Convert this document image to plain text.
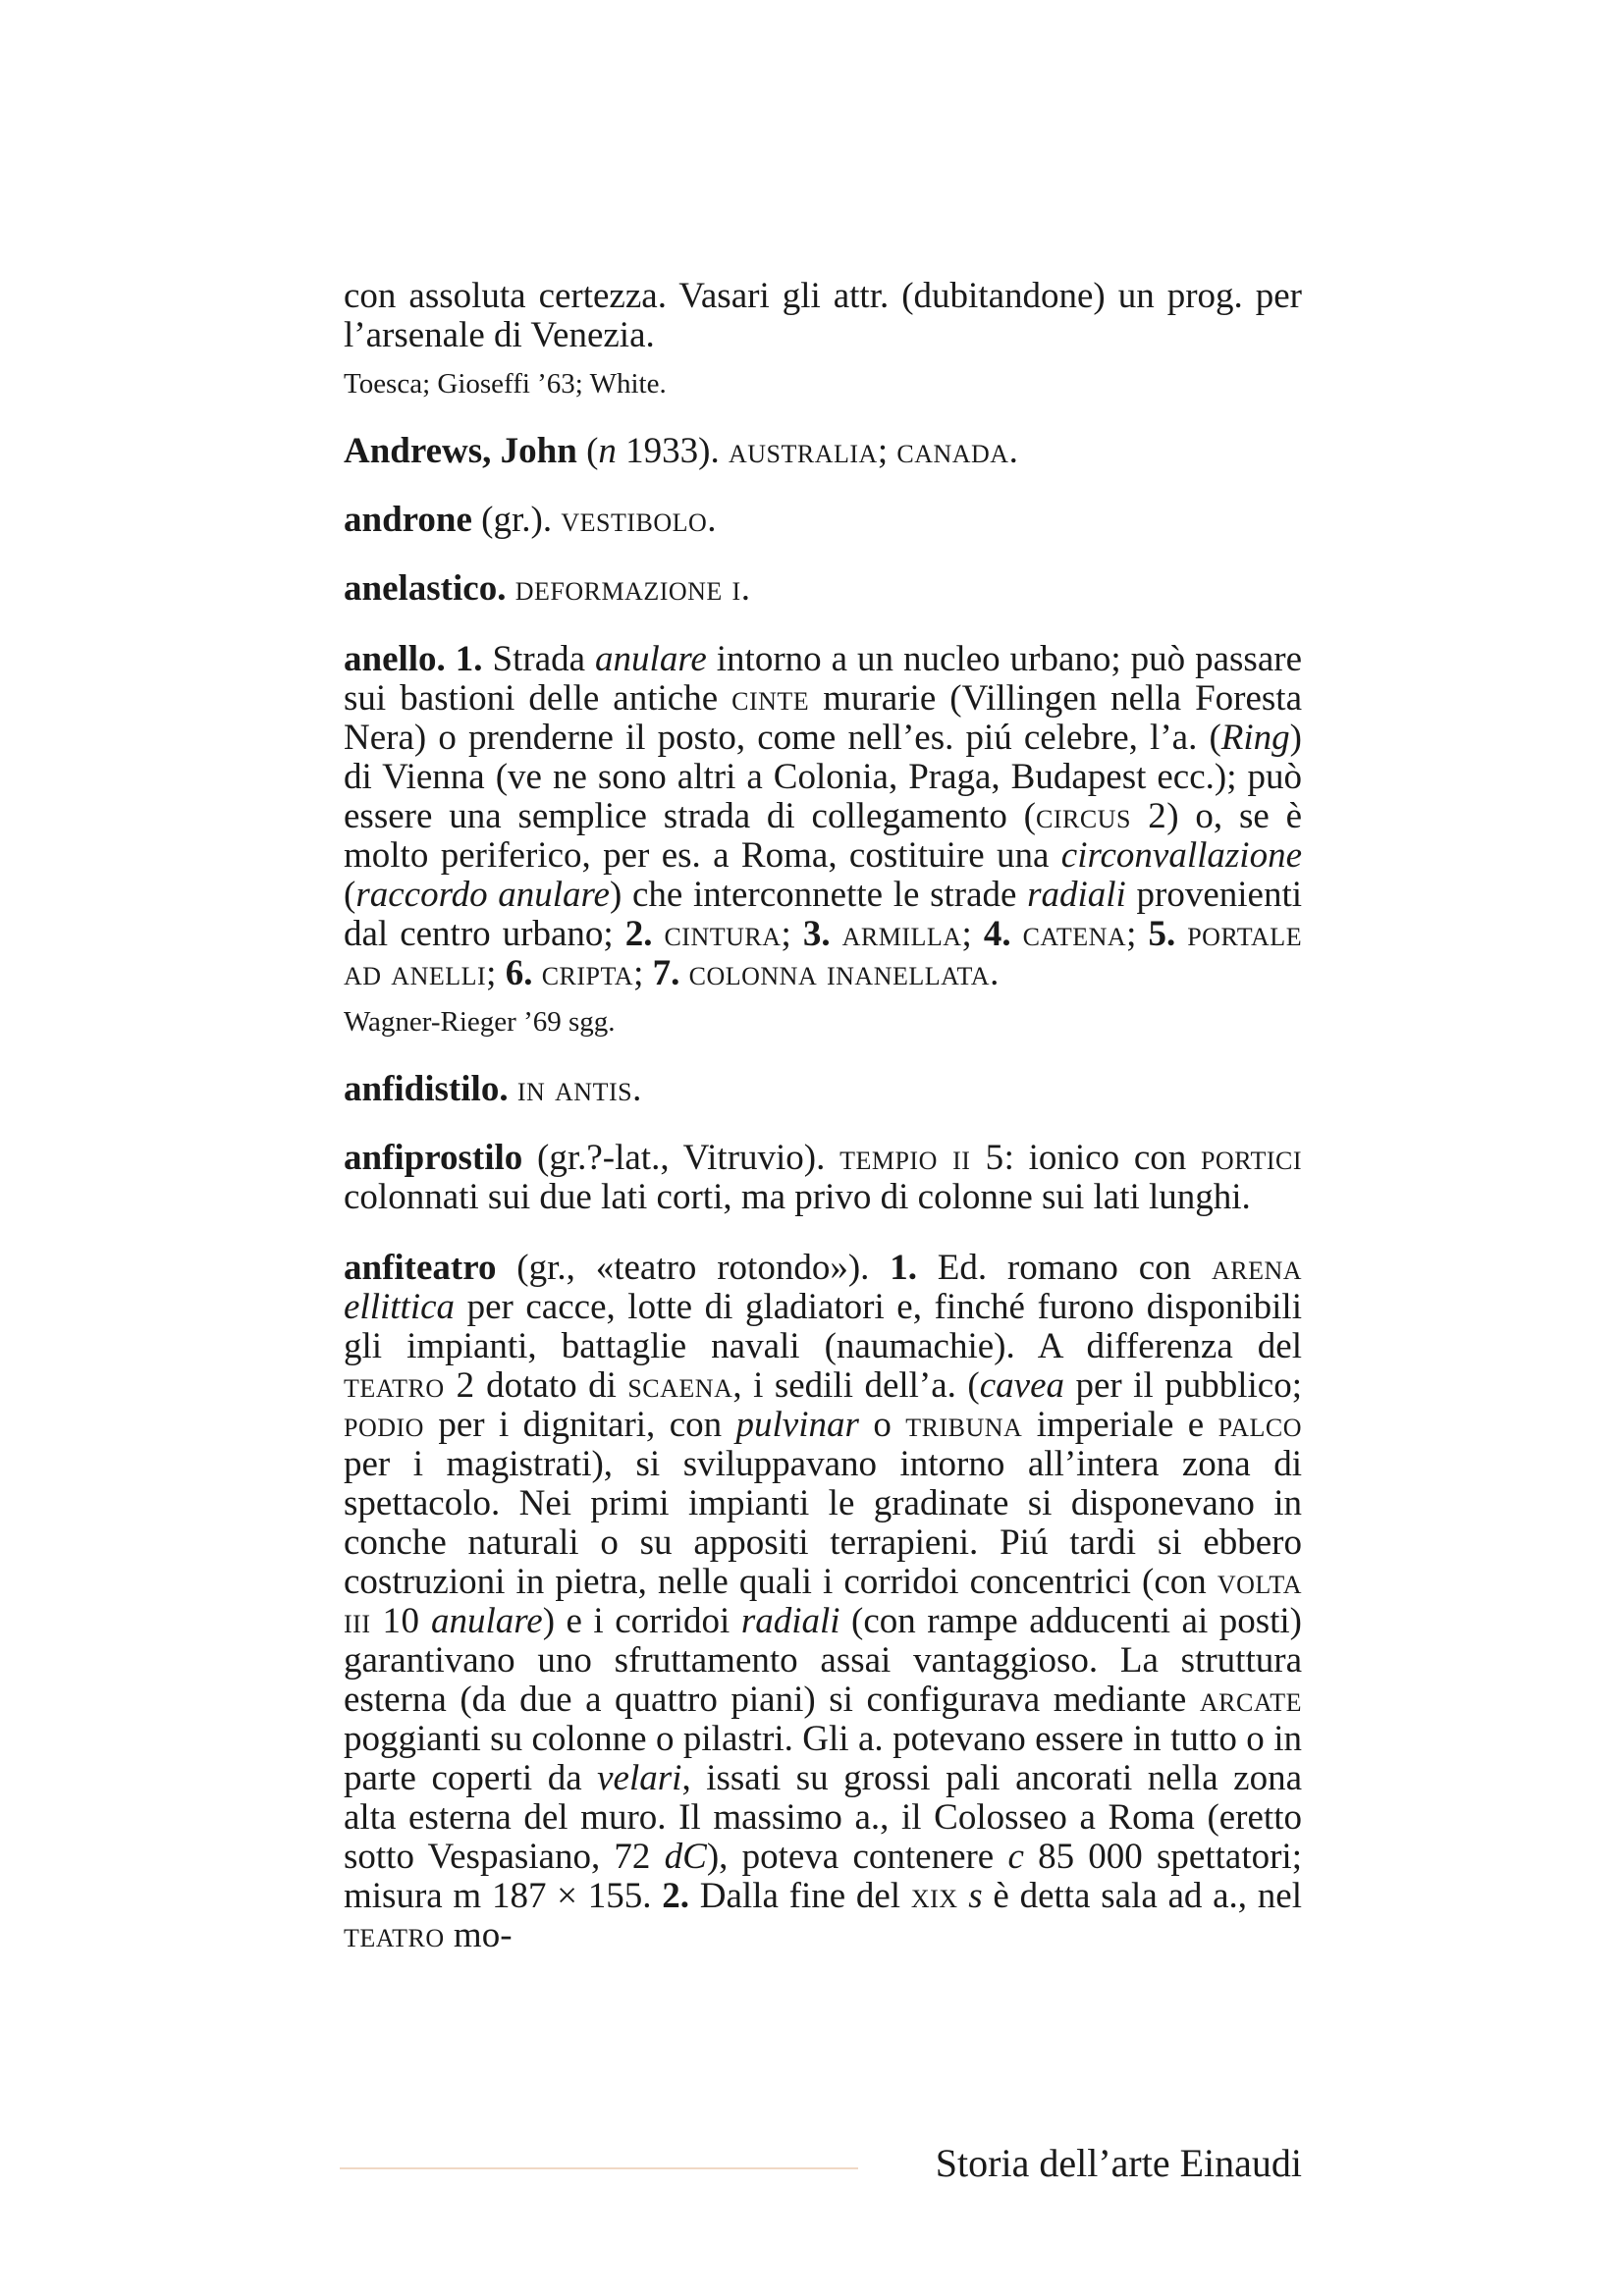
con assoluta certezza. Vasari gli attr. (dubitandone) un prog. per l’arsenale di Venezia.

Toesca; Gioseffi ’63; White.

Andrews, John (n 1933). australia; canada.

androne (gr.). vestibolo.

anelastico. deformazione i.

anello. 1. Strada anulare intorno a un nucleo urbano; può passare sui bastioni delle antiche cinte murarie (Villingen nella Foresta Nera) o prenderne il posto, come nell’es. piú celebre, l’a. (Ring) di Vienna (ve ne sono altri a Colonia, Praga, Budapest ecc.); può essere una semplice strada di collegamento (circus 2) o, se è molto periferico, per es. a Roma, costituire una circonvallazione (raccordo anulare) che interconnette le strade radiali provenienti dal centro urbano; 2. cintura; 3. armilla; 4. catena; 5. portale ad anelli; 6. cripta; 7. colonna inanellata.

Wagner-Rieger ’69 sgg.

anfidistilo. in antis.

anfiprostilo (gr.?-lat., Vitruvio). tempio ii 5: ionico con portici colonnati sui due lati corti, ma privo di colonne sui lati lunghi.

anfiteatro (gr., «teatro rotondo»). 1. Ed. romano con arena ellittica per cacce, lotte di gladiatori e, finché furono disponibili gli impianti, battaglie navali (naumachie). A differenza del teatro 2 dotato di scaena, i sedili dell’a. (cavea per il pubblico; podio per i dignitari, con pulvinar o tribuna imperiale e palco per i magistrati), si sviluppavano intorno all’intera zona di spettacolo. Nei primi impianti le gradinate si disponevano in conche naturali o su appositi terrapieni. Piú tardi si ebbero costruzioni in pietra, nelle quali i corridoi concentrici (con volta iii 10 anulare) e i corridoi radiali (con rampe adducenti ai posti) garantivano uno sfruttamento assai vantaggioso. La struttura esterna (da due a quattro piani) si configurava mediante arcate poggianti su colonne o pilastri. Gli a. potevano essere in tutto o in parte coperti da velari, issati su grossi pali ancorati nella zona alta esterna del muro. Il massimo a., il Colosseo a Roma (eretto sotto Vespasiano, 72 dC), poteva contenere c 85 000 spettatori; misura m 187 × 155. 2. Dalla fine del xix s è detta sala ad a., nel teatro mo-

Storia dell’arte Einaudi
